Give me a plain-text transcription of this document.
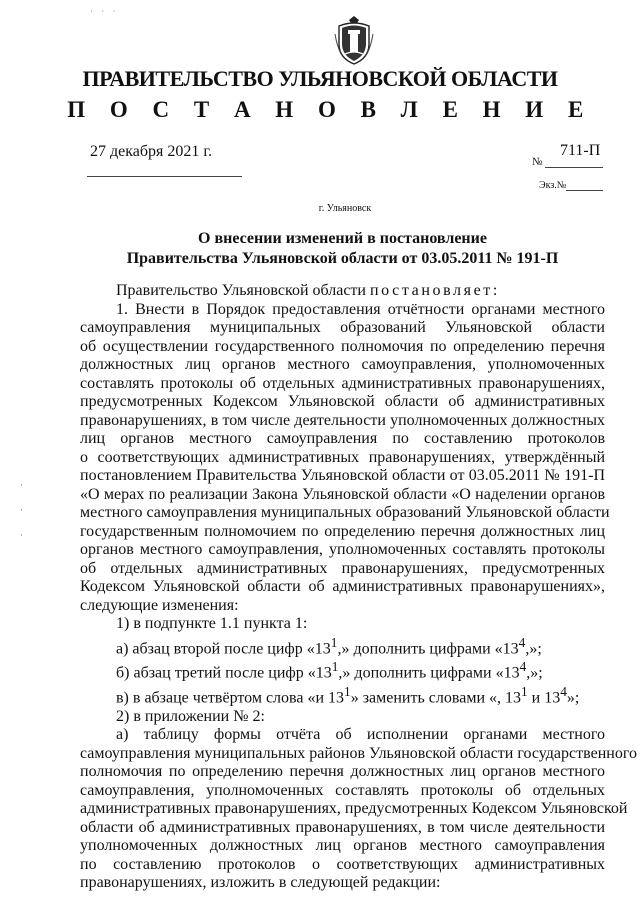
· · ·
ПРАВИТЕЛЬСТВО УЛЬЯНОВСКОЙ ОБЛАСТИ
П О С Т А Н О В Л Е Н И Е
27 декабря 2021 г.
№
711-П
Экз.№
г. Ульяновск
О внесении изменений в постановление
Правительства Ульяновской области от 03.05.2011 № 191-П
·
·
·

Правительство Ульяновской области постановляет:

1. Внести в Порядок предоставления отчётности органами местного

самоуправления муниципальных образований Ульяновской области

об осуществлении государственного полномочия по определению перечня

должностных лиц органов местного самоуправления, уполномоченных

составлять протоколы об отдельных административных правонарушениях,

предусмотренных Кодексом Ульяновской области об административных

правонарушениях, в том числе деятельности уполномоченных должностных

лиц органов местного самоуправления по составлению протоколов

о соответствующих административных правонарушениях, утверждённый

постановлением Правительства Ульяновской области от 03.05.2011 № 191-П

«О мерах по реализации Закона Ульяновской области «О наделении органов

местного самоуправления муниципальных образований Ульяновской области

государственным полномочием по определению перечня должностных лиц

органов местного самоуправления, уполномоченных составлять протоколы

об отдельных административных правонарушениях, предусмотренных

Кодексом Ульяновской области об административных правонарушениях»,

следующие изменения:

1) в подпункте 1.1 пункта 1:

а) абзац второй после цифр «$13^1$,» дополнить цифрами «$13^4$,»;

б) абзац третий после цифр «$13^1$,» дополнить цифрами «$13^4$,»;

в) в абзаце четвёртом слова «и $13^1$» заменить словами «, $13^1$ и $13^4$»;

2) в приложении № 2:

а) таблицу формы отчёта об исполнении органами местного

самоуправления муниципальных районов Ульяновской области государственного

полномочия по определению перечня должностных лиц органов местного

самоуправления, уполномоченных составлять протоколы об отдельных

административных правонарушениях, предусмотренных Кодексом Ульяновской

области об административных правонарушениях, в том числе деятельности

уполномоченных должностных лиц органов местного самоуправления

по составлению протоколов о соответствующих административных

правонарушениях, изложить в следующей редакции:
